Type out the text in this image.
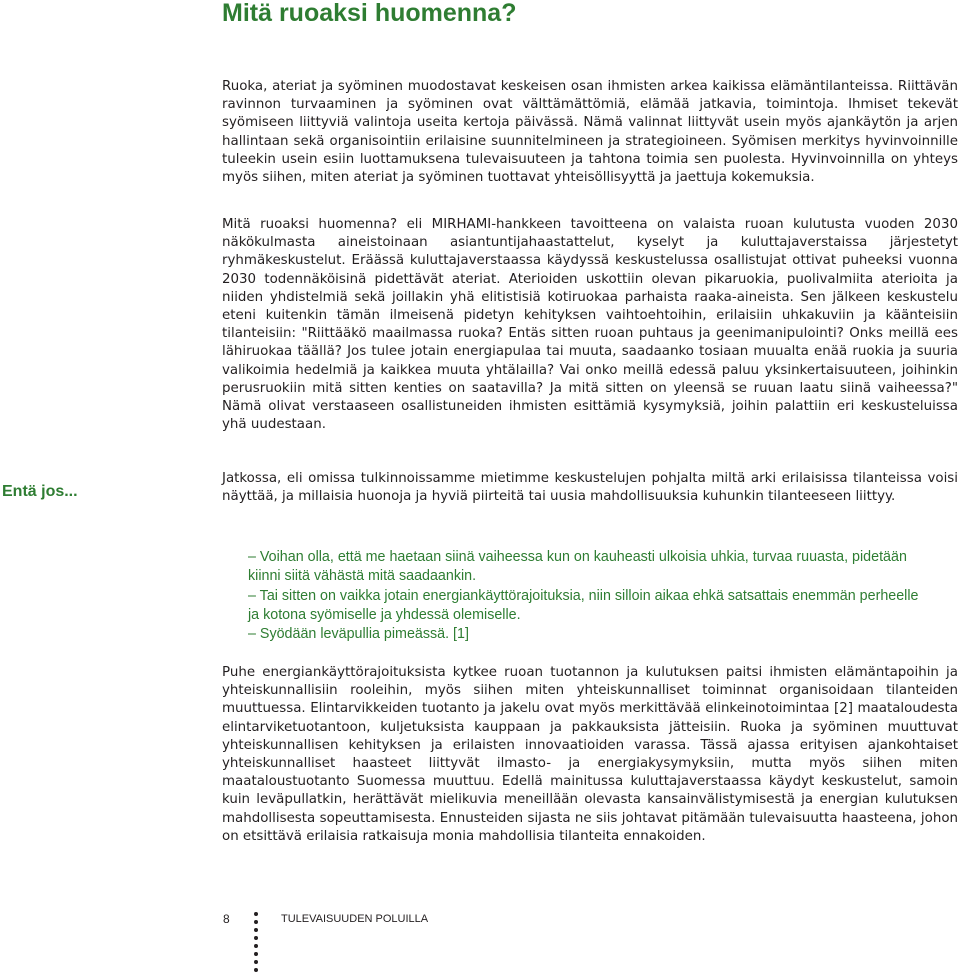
Mitä ruoaksi huomenna?

Entä jos...

Ruoka, ateriat ja syöminen muodostavat keskeisen osan ihmisten arkea kaikissa elämäntilanteissa. Riittävän ravinnon turvaaminen ja syöminen ovat välttämättömiä, elämää jatkavia, toimintoja. Ihmiset tekevät syömiseen liittyviä valintoja useita kertoja päivässä. Nämä valinnat liittyvät usein myös ajankäytön ja arjen hallintaan sekä organisointiin erilaisine suunnitelmineen ja strategioineen. Syömisen merkitys hyvinvoinnille tuleekin usein esiin luottamuksena tulevaisuuteen ja tahtona toimia sen puolesta. Hyvinvoinnilla on yhteys myös siihen, miten ateriat ja syöminen tuottavat yhteisöllisyyttä ja jaettuja kokemuksia.

Mitä ruoaksi huomenna? eli MIRHAMI-hankkeen tavoitteena on valaista ruoan kulutusta vuoden 2030 näkökulmasta aineistoinaan asiantuntijahaastattelut, kyselyt ja kuluttajaverstaissa järjestetyt ryhmäkeskustelut. Eräässä kuluttajaverstaassa käydyssä keskustelussa osallistujat ottivat puheeksi vuonna 2030 todennäköisinä pidettävät ateriat. Aterioiden uskottiin olevan pikaruokia, puolivalmiita aterioita ja niiden yhdistelmiä sekä joillakin yhä elitistisiä kotiruokaa parhaista raaka-aineista. Sen jälkeen keskustelu eteni kuitenkin tämän ilmeisenä pidetyn kehityksen vaihtoehtoihin, erilaisiin uhkakuviin ja käänteisiin tilanteisiin: "Riittääkö maailmassa ruoka? Entäs sitten ruoan puhtaus ja geenimanipulointi? Onks meillä ees lähiruokaa täällä? Jos tulee jotain energiapulaa tai muuta, saadaanko tosiaan muualta enää ruokia ja suuria valikoimia hedelmiä ja kaikkea muuta yhtälailla? Vai onko meillä edessä paluu yksinkertaisuuteen, joihinkin perusruokiin mitä sitten kenties on saatavilla? Ja mitä sitten on yleensä se ruuan laatu siinä vaiheessa?" Nämä olivat verstaaseen osallistuneiden ihmisten esittämiä kysymyksiä, joihin palattiin eri keskusteluissa yhä uudestaan.

Jatkossa, eli omissa tulkinnoissamme mietimme keskustelujen pohjalta miltä arki erilaisissa tilanteissa voisi näyttää, ja millaisia huonoja ja hyviä piirteitä tai uusia mahdollisuuksia kuhunkin tilanteeseen liittyy.

– Voihan olla, että me haetaan siinä vaiheessa kun on kauheasti ulkoisia uhkia, turvaa ruuasta, pidetään kiinni siitä vähästä mitä saadaankin.
– Tai sitten on vaikka jotain energiankäyttörajoituksia, niin silloin aikaa ehkä satsattais enemmän perheelle ja kotona syömiselle ja yhdessä olemiselle.
– Syödään leväpullia pimeässä. [1]

Puhe energiankäyttörajoituksista kytkee ruoan tuotannon ja kulutuksen paitsi ihmisten elämäntapoihin ja yhteiskunnallisiin rooleihin, myös siihen miten yhteiskunnalliset toiminnat organisoidaan tilanteiden muuttuessa. Elintarvikkeiden tuotanto ja jakelu ovat myös merkittävää elinkeinotoimintaa [2] maataloudesta elintarviketuotantoon, kuljetuksista kauppaan ja pakkauksista jätteisiin. Ruoka ja syöminen muuttuvat yhteiskunnallisen kehityksen ja erilaisten innovaatioiden varassa. Tässä ajassa erityisen ajankohtaiset yhteiskunnalliset haasteet liittyvät ilmasto- ja energiakysymyksiin, mutta myös siihen miten maataloustuotanto Suomessa muuttuu. Edellä mainitussa kuluttajaverstaassa käydyt keskustelut, samoin kuin leväpullatkin, herättävät mielikuvia meneillään olevasta kansainvälistymisestä ja energian kulutuksen mahdollisesta sopeuttamisesta. Ennusteiden sijasta ne siis johtavat pitämään tulevaisuutta haasteena, johon on etsittävä erilaisia ratkaisuja monia mahdollisia tilanteita ennakoiden.

8	TULEVAISUUDEN POLUILLA
